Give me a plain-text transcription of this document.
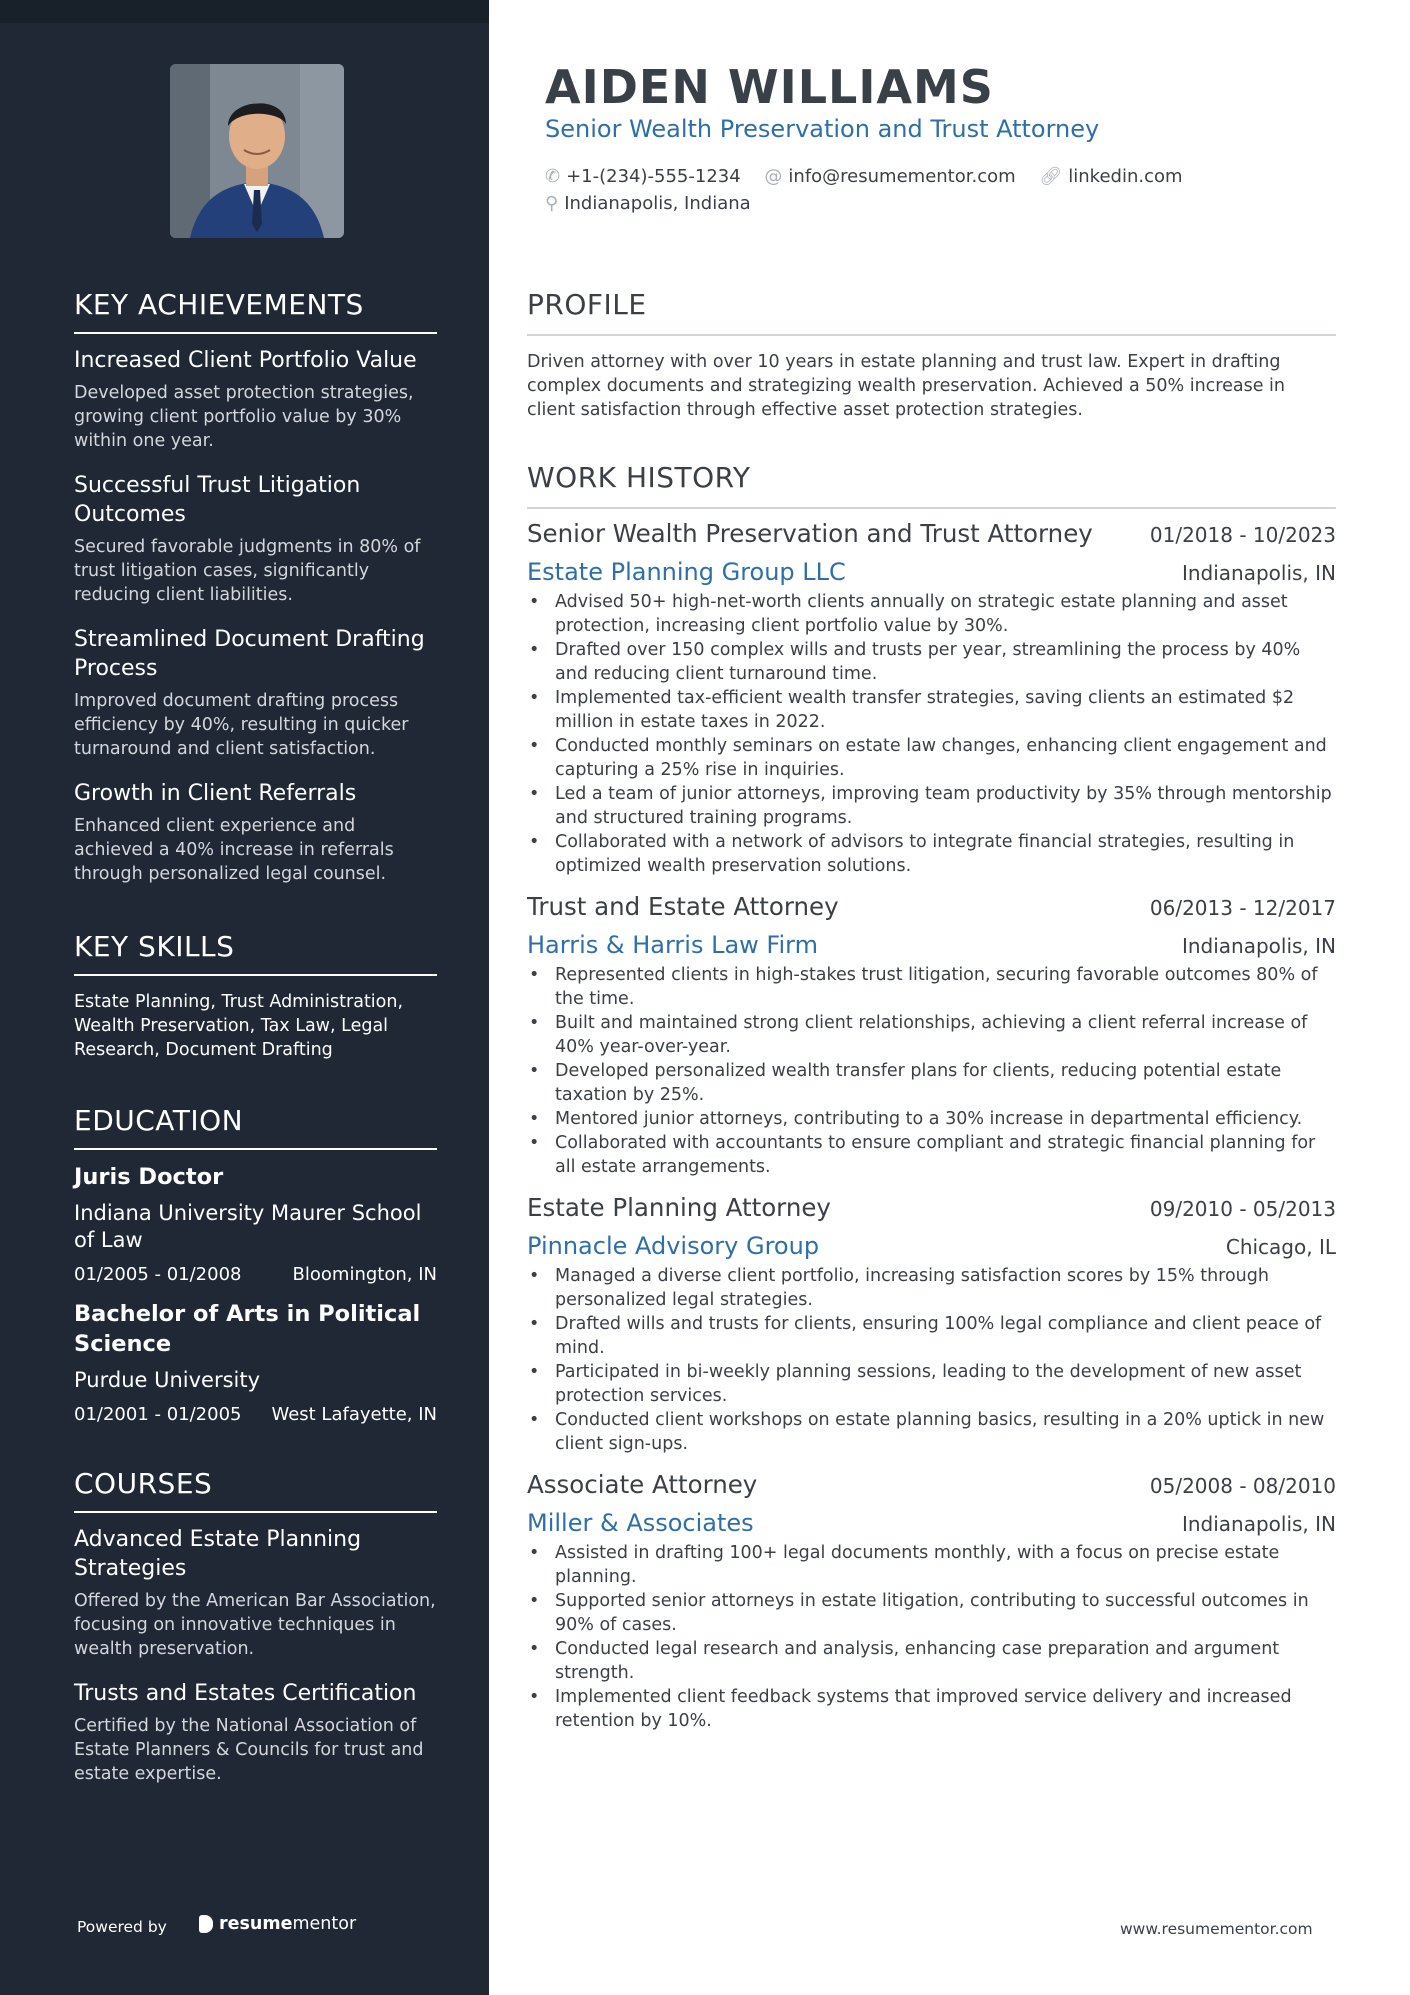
KEY ACHIEVEMENTS
Increased Client Portfolio Value
Developed asset protection strategies, growing client portfolio value by 30% within one year.
Successful Trust Litigation Outcomes
Secured favorable judgments in 80% of trust litigation cases, significantly reducing client liabilities.
Streamlined Document Drafting Process
Improved document drafting process efficiency by 40%, resulting in quicker turnaround and client satisfaction.
Growth in Client Referrals
Enhanced client experience and achieved a 40% increase in referrals through personalized legal counsel.
KEY SKILLS
Estate Planning, Trust Administration, Wealth Preservation, Tax Law, Legal Research, Document Drafting
EDUCATION
Juris Doctor
Indiana University Maurer School of Law
01/2005 - 01/2008	Bloomington, IN
Bachelor of Arts in Political Science
Purdue University
01/2001 - 01/2005 West Lafayette, IN
COURSES
Advanced Estate Planning Strategies
Offered by the American Bar Association, focusing on innovative techniques in wealth preservation.
Trusts and Estates Certification
Certified by the National Association of Estate Planners & Councils for trust and estate expertise.
Powered by	resume mentor
AIDEN WILLIAMS
Senior Wealth Preservation and Trust Attorney
✆ +1-(234)-555-1234
@ info@resumementor.com
🔗︎ linkedin.com

⚲ Indianapolis, Indiana
PROFILE
Driven attorney with over 10 years in estate planning and trust law. Expert in drafting complex documents and strategizing wealth preservation. Achieved a 50% increase in client satisfaction through effective asset protection strategies.
WORK HISTORY
Senior Wealth Preservation and Trust Attorney	01/2018 - 10/2023
Estate Planning Group LLC	Indianapolis, IN
• Advised 50+ high-net-worth clients annually on strategic estate planning and asset protection, increasing client portfolio value by 30%.
• Drafted over 150 complex wills and trusts per year, streamlining the process by 40% and reducing client turnaround time.
• Implemented tax-efficient wealth transfer strategies, saving clients an estimated $2 million in estate taxes in 2022.
• Conducted monthly seminars on estate law changes, enhancing client engagement and capturing a 25% rise in inquiries.
• Led a team of junior attorneys, improving team productivity by 35% through mentorship and structured training programs.
• Collaborated with a network of advisors to integrate financial strategies, resulting in optimized wealth preservation solutions.
Trust and Estate Attorney	06/2013 - 12/2017
Harris & Harris Law Firm	Indianapolis, IN
• Represented clients in high-stakes trust litigation, securing favorable outcomes 80% of the time.
• Built and maintained strong client relationships, achieving a client referral increase of 40% year-over-year.
• Developed personalized wealth transfer plans for clients, reducing potential estate taxation by 25%.
• Mentored junior attorneys, contributing to a 30% increase in departmental efficiency.
• Collaborated with accountants to ensure compliant and strategic financial planning for all estate arrangements.
Estate Planning Attorney	09/2010 - 05/2013
Pinnacle Advisory Group	Chicago, IL
• Managed a diverse client portfolio, increasing satisfaction scores by 15% through personalized legal strategies.
• Drafted wills and trusts for clients, ensuring 100% legal compliance and client peace of mind.
• Participated in bi-weekly planning sessions, leading to the development of new asset protection services.
• Conducted client workshops on estate planning basics, resulting in a 20% uptick in new client sign-ups.
Associate Attorney	05/2008 - 08/2010
Miller & Associates	Indianapolis, IN
• Assisted in drafting 100+ legal documents monthly, with a focus on precise estate planning.
• Supported senior attorneys in estate litigation, contributing to successful outcomes in 90% of cases.
• Conducted legal research and analysis, enhancing case preparation and argument strength.
• Implemented client feedback systems that improved service delivery and increased retention by 10%.
www.resumementor.com
